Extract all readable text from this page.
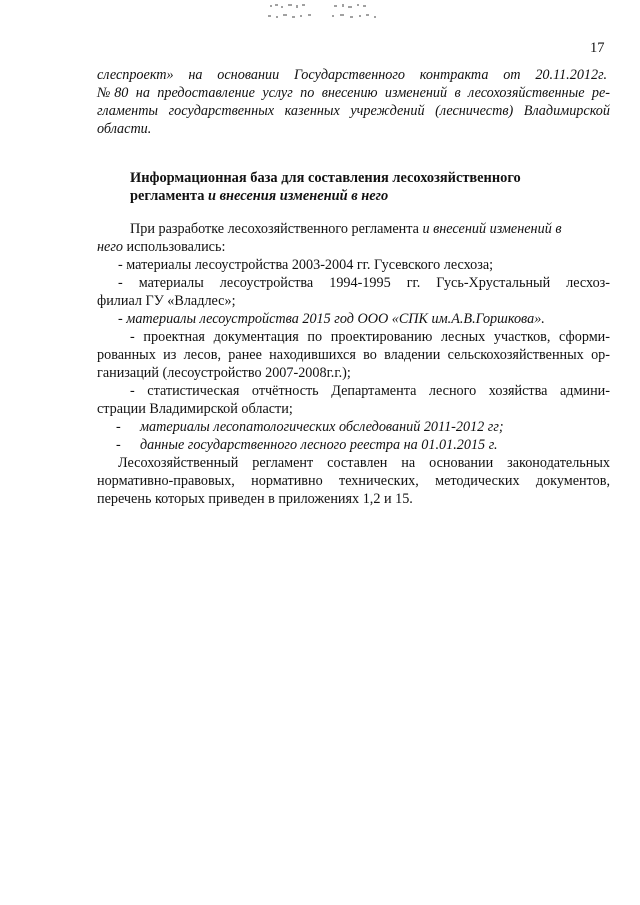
17
слеспроект» на основании Государственного контракта от 20.11.2012г.
№80 на предоставление услуг по внесению изменений в лесохозяйственные ре-
гламенты государственных казенных учреждений (лесничеств) Владимирской
области.
Информационная база для составления лесохозяйственного
регламента и внесения изменений в него
При разработке лесохозяйственного регламента и внесений изменений в
него использовались:
- материалы лесоустройства 2003-2004 гг. Гусевского лесхоза;
- материалы лесоустройства 1994-1995 гг. Гусь-Хрустальный лесхоз-
филиал ГУ «Владлес»;
- материалы лесоустройства 2015 год ООО «СПК им.А.В.Горшкова».
- проектная документация по проектированию лесных участков, сформи-
рованных из лесов, ранее находившихся во владении сельскохозяйственных ор-
ганизаций (лесоустройство 2007-2008г.г.);
- статистическая отчётность Департамента лесного хозяйства админи-
страции Владимирской области;
- материалы лесопатологических обследований 2011-2012 гг;
- данные государственного лесного реестра на 01.01.2015 г.
Лесохозяйственный регламент составлен на основании законодательных
нормативно-правовых, нормативно технических, методических документов,
перечень которых приведен в приложениях 1,2 и 15.
